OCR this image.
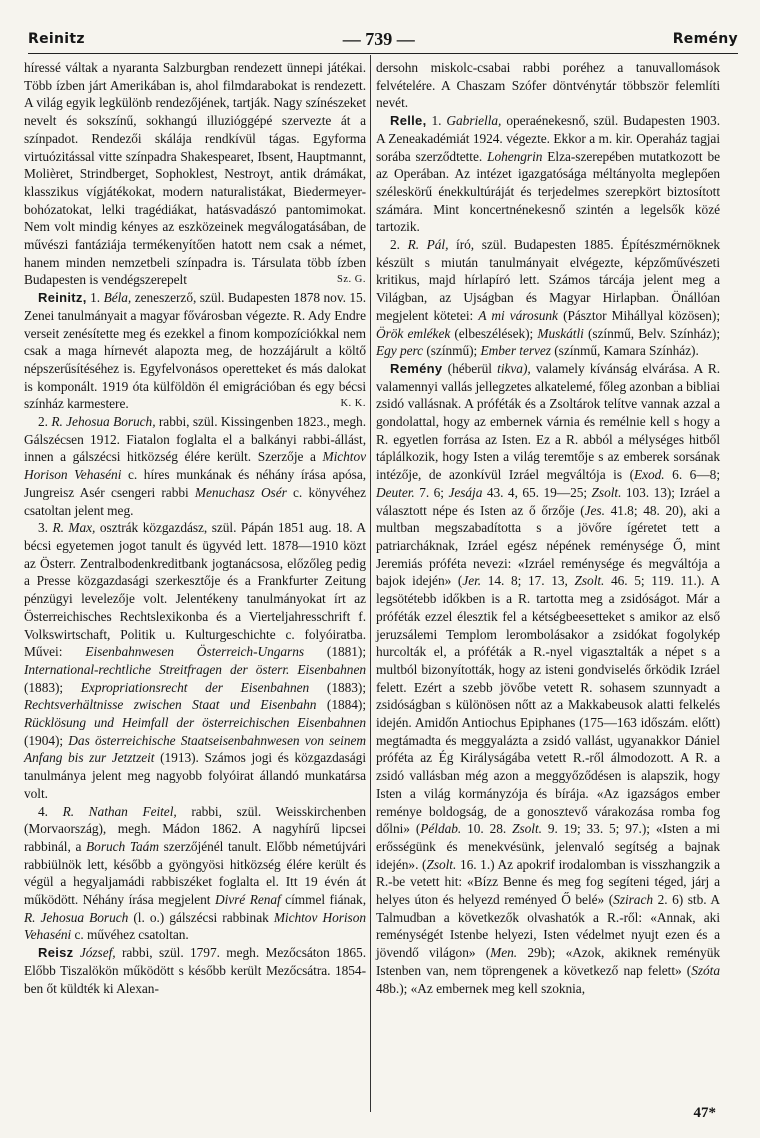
Reinitz	— 739 —	Remény

híressé váltak a nyaranta Salzburgban rendezett ünnepi játékai. Több ízben járt Amerikában is, ahol filmdarabokat is rendezett. A világ egyik legkülönb rendezőjének, tartják. Nagy színészeket nevelt és sokszínű, sokhangú illuzióggépé szervezte át a színpadot. Rendezői skálája rendkívül tágas. Egyforma virtuózitással vitte színpadra Shakespearet, Ibsent, Hauptmannt, Molièret, Strindberget, Sophoklest, Nestroyt, antik drámákat, klasszikus vígjátékokat, modern naturalistákat, Biedermeyer-bohózatokat, lelki tragédiákat, hatásvadászó pantomimokat. Nem volt mindig kényes az eszközeinek megválogatásában, de művészi fantáziája termékenyítően hatott nem csak a német, hanem minden nemzetbeli színpadra is. Társulata több ízben Budapesten is vendégszerepelt	Sz. G.

Reinitz, 1. Béla, zeneszerző, szül. Budapesten 1878 nov. 15. Zenei tanulmányait a magyar fővárosban végezte. R. Ady Endre verseit zenésítette meg és ezekkel a finom kompozíciókkal nem csak a maga hírnevét alapozta meg, de hozzájárult a költő népszerűsítéséhez is. Egyfelvonásos operetteket és más dalokat is komponált. 1919 óta külföldön él emigrációban és egy bécsi színház karmestere.	K. K.

2. R. Jehosua Boruch, rabbi, szül. Kissingenben 1823., megh. Gálszécsen 1912. Fiatalon foglalta el a balkányi rabbi-állást, innen a gálszécsi hitközség élére került. Szerzője a Michtov Horison Vehaséni c. híres munkának és néhány írása apósa, Jungreisz Asér csengeri rabbi Menuchasz Osér c. könyvéhez csatoltan jelent meg.

3. R. Max, osztrák közgazdász, szül. Pápán 1851 aug. 18. A bécsi egyetemen jogot tanult és ügyvéd lett. 1878—1910 közt az Österr. Zentralbodenkreditbank jogtanácsosa, előzőleg pedig a Presse közgazdasági szerkesztője és a Frankfurter Zeitung pénzügyi levelezője volt. Jelentékeny tanulmányokat írt az Österreichisches Rechtslexikonba és a Vierteljahresschrift f. Volkswirtschaft, Politik u. Kulturgeschichte c. folyóiratba. Művei: Eisenbahnwesen Österreich-Ungarns (1881); International-rechtliche Streitfragen der österr. Eisenbahnen (1883); Expropriationsrecht der Eisenbahnen (1883); Rechtsverhältnisse zwischen Staat und Eisenbahn (1884); Rücklösung und Heimfall der österreichischen Eisenbahnen (1904); Das österreichische Staatseisenbahnwesen von seinem Anfang bis zur Jetztzeit (1913). Számos jogi és közgazdasági tanulmánya jelent meg nagyobb folyóirat állandó munkatársa volt.

4. R. Nathan Feitel, rabbi, szül. Weisskirchenben (Morvaország), megh. Mádon 1862. A nagyhírű lipcsei rabbinál, a Boruch Taám szerzőjénél tanult. Előbb németújvári rabbiülnök lett, később a gyöngyösi hitközség élére került és végül a hegyaljamádi rabbiszéket foglalta el. Itt 19 évén át működött. Néhány írása megjelent Divré Renaf címmel fiának, R. Jehosua Boruch (l. o.) gálszécsi rabbinak Michtov Horison Vehaséni c. művéhez csatoltan.

Reisz József, rabbi, szül. 1797. megh. Mezőcsáton 1865. Előbb Tiszalökön működött s később került Mezőcsátra. 1854-ben őt küldték ki Alexan-

dersohn miskolc-csabai rabbi poréhez a tanuvallomások felvételére. A Chaszam Szófer döntvénytár többször felemlíti nevét.

Relle, 1. Gabriella, operaénekesnő, szül. Budapesten 1903. A Zeneakadémiát 1924. végezte. Ekkor a m. kir. Operaház tagjai sorába szerződtette. Lohengrin Elza-szerepében mutatkozott be az Operában. Az intézet igazgatósága méltányolta meglepően széleskörű énekkultúráját és terjedelmes szerepkört biztosított számára. Mint koncertnénekesnő szintén a legelsők közé tartozik.

2. R. Pál, író, szül. Budapesten 1885. Építészmérnöknek készült s miután tanulmányait elvégezte, képzőművészeti kritikus, majd hírlapíró lett. Számos tárcája jelent meg a Világban, az Ujságban és Magyar Hirlapban. Önállóan megjelent kötetei: A mi városunk (Pásztor Mihállyal közösen); Örök emlékek (elbeszélések); Muskátli (színmű, Belv. Színház); Egy perc (színmű); Ember tervez (színmű, Kamara Színház).

Remény (héberül tikva), valamely kívánság elvárása. A R. valamennyi vallás jellegzetes alkatelemé, főleg azonban a bibliai zsidó vallásnak. A próféták és a Zsoltárok telítve vannak azzal a gondolattal, hogy az embernek várnia és remélnie kell s hogy a R. egyetlen forrása az Isten. Ez a R. abból a mélységes hitből táplálkozik, hogy Isten a világ teremtője s az emberek sorsának intézője, de azonkívül Izráel megváltója is (Exod. 6. 6—8; Deuter. 7. 6; Jesája 43. 4, 65. 19—25; Zsolt. 103. 13); Izráel a választott népe és Isten az ő őrzője (Jes. 41.8; 48. 20), aki a multban megszabadította s a jövőre ígéretet tett a patriarcháknak, Izráel egész népének reménysége Ő, mint Jeremiás próféta nevezi: «Izráel reménysége és megváltója a bajok idején» (Jer. 14. 8; 17. 13, Zsolt. 46. 5; 119. 11.). A legsötétebb időkben is a R. tartotta meg a zsidóságot. Már a próféták ezzel élesztik fel a kétségbeesetteket s amikor az első jeruzsálemi Templom lerombolásakor a zsidókat fogolykép hurcolták el, a próféták a R.-nyel vigasztalták a népet s a multból bizonyították, hogy az isteni gondviselés őrködik Izráel felett. Ezért a szebb jövőbe vetett R. sohasem szunnyadt a zsidóságban s különösen nőtt az a Makkabeusok alatti felkelés idején. Amidőn Antiochus Epiphanes (175—163 időszám. előtt) megtámadta és meggyalázta a zsidó vallást, ugyanakkor Dániel próféta az Ég Királyságába vetett R.-ről álmodozott. A R. a zsidó vallásban még azon a meggyőződésen is alapszik, hogy Isten a világ kormányzója és bírája. «Az igazságos ember reménye boldogság, de a gonosztevő várakozása romba fog dőlni» (Példab. 10. 28. Zsolt. 9. 19; 33. 5; 97.); «Isten a mi erősségünk és menekvésünk, jelenvaló segítség a bajnak idején». (Zsolt. 16. 1.) Az apokrif irodalomban is visszhangzik a R.-be vetett hit: «Bízz Benne és meg fog segíteni téged, járj a helyes úton és helyezd reményed Ő belé» (Szirach 2. 6) stb. A Talmudban a következők olvashatók a R.-ről: «Annak, aki reménységét Istenbe helyezi, Isten védelmet nyujt ezen és a jövendő világon» (Men. 29b); «Azok, akiknek reményük Istenben van, nem töprengenek a következő nap felett» (Szóta 48b.); «Az embernek meg kell szoknia,

47*
